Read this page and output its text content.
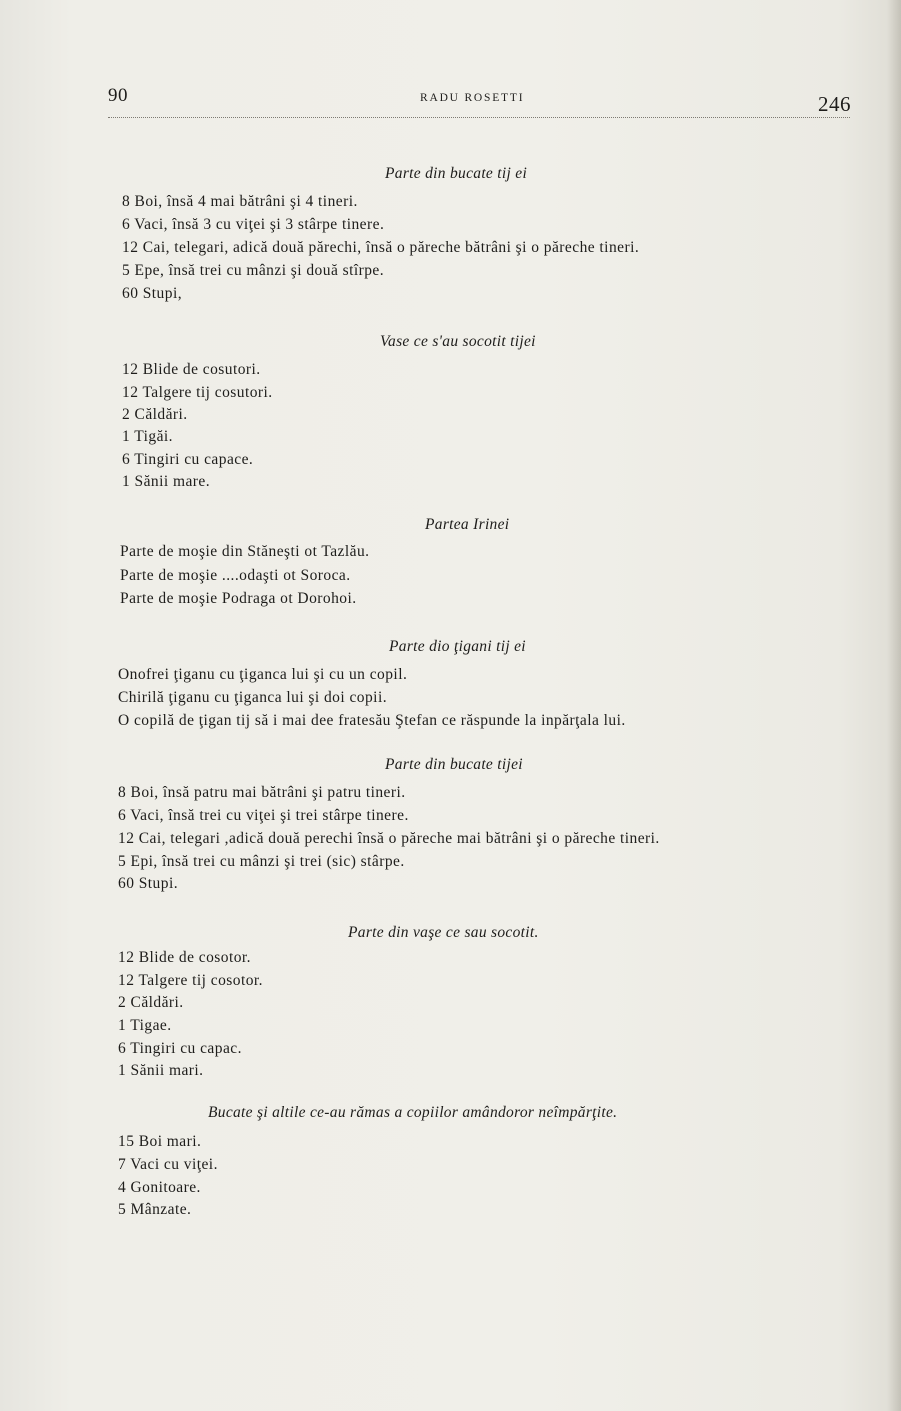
90	RADU ROSETTI	246
Parte din bucate tij ei
8 Boi, însă 4 mai bătrâni şi 4 tineri.
6 Vaci, însă 3 cu viţei şi 3 stârpe tinere.
12 Cai, telegari, adică două părechi, însă o păreche bătrâni şi o păreche tineri.
5 Epe, însă trei cu mânzi şi două stîrpe.
60 Stupi,
Vase ce s'au socotit tijei
12 Blide de cosutori.
12 Talgere tij cosutori.
2 Căldări.
1 Tigăi.
6 Tingiri cu capace.
1 Sănii mare.
Partea Irinei
Parte de moşie din Stăneşti ot Tazlău.
Parte de moşie ....odaşti ot Soroca.
Parte de moşie Podraga ot Dorohoi.
Parte dio ţigani tij ei
Onofrei ţiganu cu ţiganca lui şi cu un copil.
Chirilă ţiganu cu ţiganca lui şi doi copii.
O copilă de ţigan tij să i mai dee fratesău Ştefan ce răspunde la inpărţala lui.
Parte din bucate tijei
8 Boi, însă patru mai bătrâni şi patru tineri.
6 Vaci, însă trei cu viţei şi trei stârpe tinere.
12 Cai, telegari ,adică două perechi însă o păreche mai bătrâni şi o păreche tineri.
5 Epi, însă trei cu mânzi şi trei (sic) stârpe.
60 Stupi.
Parte din vaşe ce sau socotit.
12 Blide de cosotor.
12 Talgere tij cosotor.
2 Căldări.
1 Tigae.
6 Tingiri cu capac.
1 Sănii mari.
Bucate şi altile ce-au rămas a copiilor amândoror neîmpărţite.
15 Boi mari.
7 Vaci cu viţei.
4 Gonitoare.
5 Mânzate.
